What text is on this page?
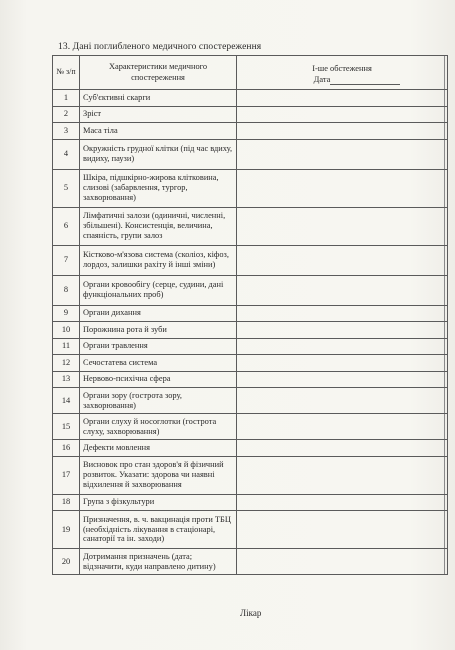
13. Дані поглибленого медичного спостереження
№ з/п	Характеристики медичного спостереження	І-ше обстеження
Дата

1	Суб'єктивні скарги	

2	Зріст	

3	Маса тіла	

4	Окружність грудної клітки (під час вдиху, видиху, паузи)	

5	Шкіра, підшкірно-жирова клітковина, слизові (забарвлення, тургор, захворювання)	

6	Лімфатичні залози (одиничні, численні, збільшені). Консистенція, величина, спаяність, групи залоз	

7	Кістково-м'язова система (сколіоз, кіфоз, лордоз, залишки рахіту й інші зміни)	

8	Органи кровообігу (серце, судини, дані функціональних проб)	

9	Органи дихання	

10	Порожнина рота й зуби	

11	Органи травлення	

12	Сечостатева система	

13	Нервово-психічна сфера	

14	Органи зору (гострота зору, захворювання)	

15	Органи слуху й носоглотки (гострота слуху, захворювання)	

16	Дефекти мовлення	

17	Висновок про стан здоров'я й фізичний розвиток. Указати: здорова чи наявні відхилення й захворювання	

18	Група з фізкультури	

19	Призначення, в. ч. вакцинація проти ТБЦ (необхідність лікування в стаціонарі, санаторії та ін. заходи)	

20	Дотримання призначень (дата; відзначити, куди направлено дитину)	
Лікар
